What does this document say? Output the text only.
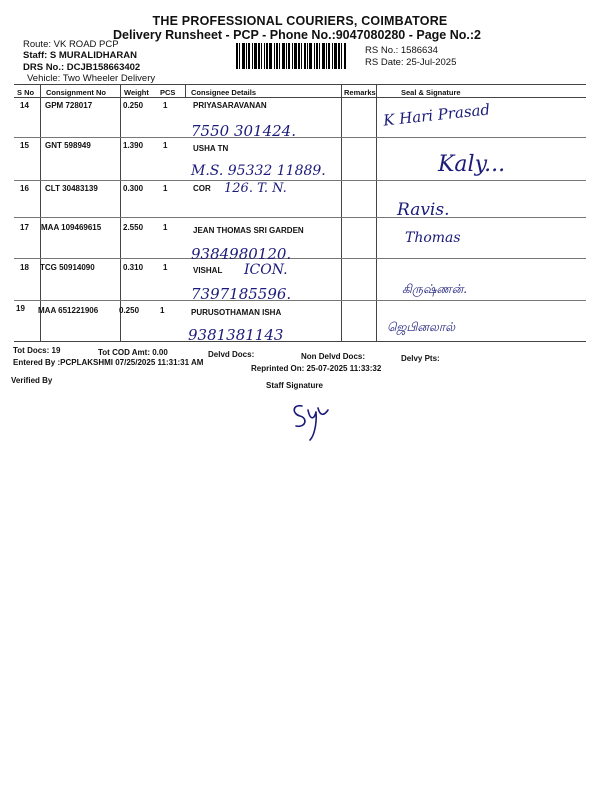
THE PROFESSIONAL COURIERS, COIMBATORE
Delivery Runsheet - PCP - Phone No.:9047080280 - Page No.:2
Route: VK ROAD PCP
Staff: S MURALIDHARAN
DRS No.: DCJB158663402
Vehicle: Two Wheeler Delivery
RS No.: 1586634
RS Date: 25-Jul-2025
S No Consignment No Weight PCS Consignee Details	Remarks	Seal & Signature
14 GPM 728017	0.250 1	PRIYASARAVANAN
7550 301424.
K Hari Prasad
15 GNT 598949	1.390 1	USHA TN
M.S. 95332 11889.	Kaly...
16 CLT 30483139	0.300 1	COR 126. T. N.
Ravis.
17 MAA 109469615	2.550 1	JEAN THOMAS SRI GARDEN
9384980120.
Thomas
18 TCG 50914090	0.310 1	VISHAL ICON.
7397185596.	கிருஷ்ணன்.
19 MAA 651221906	0.250	1	PURUSOTHAMAN ISHA
9381381143	ஜெபினலால்
Tot Docs: 19	Tot COD Amt: 0.00	Delvd Docs:	Non Delvd Docs:	Delvy Pts:
Entered By :PCPLAKSHMI 07/25/2025 11:31:31 AM
Reprinted On: 25-07-2025 11:33:32
Verified By
Staff Signature
